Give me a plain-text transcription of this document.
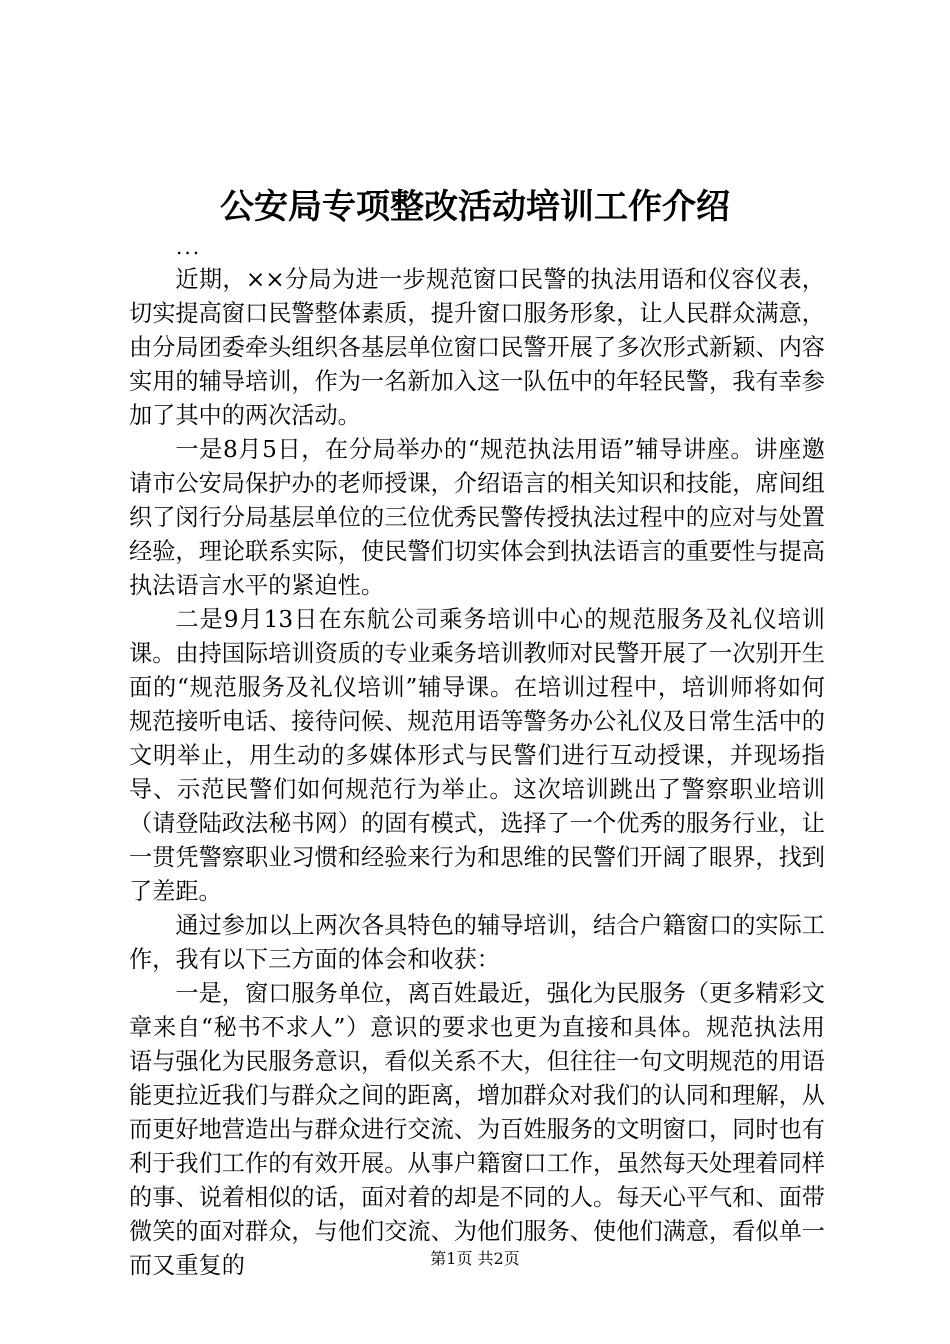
公安局专项整改活动培训工作介绍

...

近期，××分局为进一步规范窗口民警的执法用语和仪容仪表，切实提高窗口民警整体素质，提升窗口服务形象，让人民群众满意，由分局团委牵头组织各基层单位窗口民警开展了多次形式新颖、内容实用的辅导培训，作为一名新加入这一队伍中的年轻民警，我有幸参加了其中的两次活动。

一是8月5日，在分局举办的“规范执法用语”辅导讲座。讲座邀请市公安局保护办的老师授课，介绍语言的相关知识和技能，席间组织了闵行分局基层单位的三位优秀民警传授执法过程中的应对与处置经验，理论联系实际，使民警们切实体会到执法语言的重要性与提高执法语言水平的紧迫性。

二是9月13日在东航公司乘务培训中心的规范服务及礼仪培训课。由持国际培训资质的专业乘务培训教师对民警开展了一次别开生面的“规范服务及礼仪培训”辅导课。在培训过程中，培训师将如何规范接听电话、接待问候、规范用语等警务办公礼仪及日常生活中的文明举止，用生动的多媒体形式与民警们进行互动授课，并现场指导、示范民警们如何规范行为举止。这次培训跳出了警察职业培训（请登陆政法秘书网）的固有模式，选择了一个优秀的服务行业，让一贯凭警察职业习惯和经验来行为和思维的民警们开阔了眼界，找到了差距。

通过参加以上两次各具特色的辅导培训，结合户籍窗口的实际工作，我有以下三方面的体会和收获：

一是，窗口服务单位，离百姓最近，强化为民服务（更多精彩文章来自“秘书不求人”）意识的要求也更为直接和具体。规范执法用语与强化为民服务意识，看似关系不大，但往往一句文明规范的用语能更拉近我们与群众之间的距离，增加群众对我们的认同和理解，从而更好地营造出与群众进行交流、为百姓服务的文明窗口，同时也有利于我们工作的有效开展。从事户籍窗口工作，虽然每天处理着同样的事、说着相似的话，面对着的却是不同的人。每天心平气和、面带微笑的面对群众，与他们交流、为他们服务、使他们满意，看似单一而又重复的	第1页 共2页
